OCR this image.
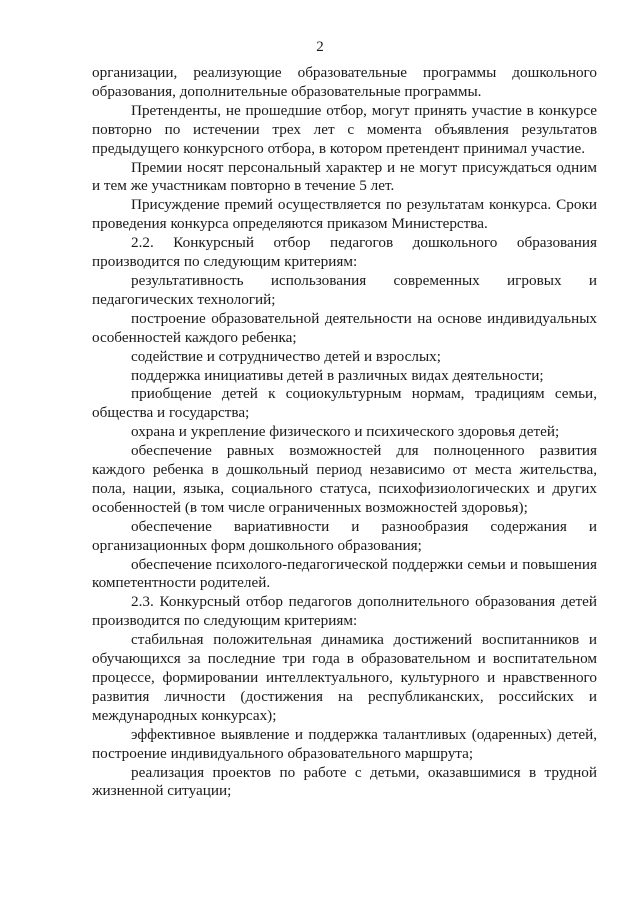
2

организации, реализующие образовательные программы дошкольного образования, дополнительные образовательные программы.

Претенденты, не прошедшие отбор, могут принять участие в конкурсе повторно по истечении трех лет с момента объявления результатов предыдущего конкурсного отбора, в котором претендент принимал участие.

Премии носят персональный характер и не могут присуждаться одним и тем же участникам повторно в течение 5 лет.

Присуждение премий осуществляется по результатам конкурса. Сроки проведения конкурса определяются приказом Министерства.

2.2. Конкурсный отбор педагогов дошкольного образования производится по следующим критериям:

результативность использования современных игровых и педагогических технологий;

построение образовательной деятельности на основе индивидуальных особенностей каждого ребенка;

содействие и сотрудничество детей и взрослых;

поддержка инициативы детей в различных видах деятельности;

приобщение детей к социокультурным нормам, традициям семьи, общества и государства;

охрана и укрепление физического и психического здоровья детей;

обеспечение равных возможностей для полноценного развития каждого ребенка в дошкольный период независимо от места жительства, пола, нации, языка, социального статуса, психофизиологических и других особенностей (в том числе ограниченных возможностей здоровья);

обеспечение вариативности и разнообразия содержания и организационных форм дошкольного образования;

обеспечение психолого-педагогической поддержки семьи и повышения компетентности родителей.

2.3. Конкурсный отбор педагогов дополнительного образования детей производится по следующим критериям:

стабильная положительная динамика достижений воспитанников и обучающихся за последние три года в образовательном и воспитательном процессе, формировании интеллектуального, культурного и нравственного развития личности (достижения на республиканских, российских и международных конкурсах);

эффективное выявление и поддержка талантливых (одаренных) детей, построение индивидуального образовательного маршрута;

реализация проектов по работе с детьми, оказавшимися в трудной жизненной ситуации;
